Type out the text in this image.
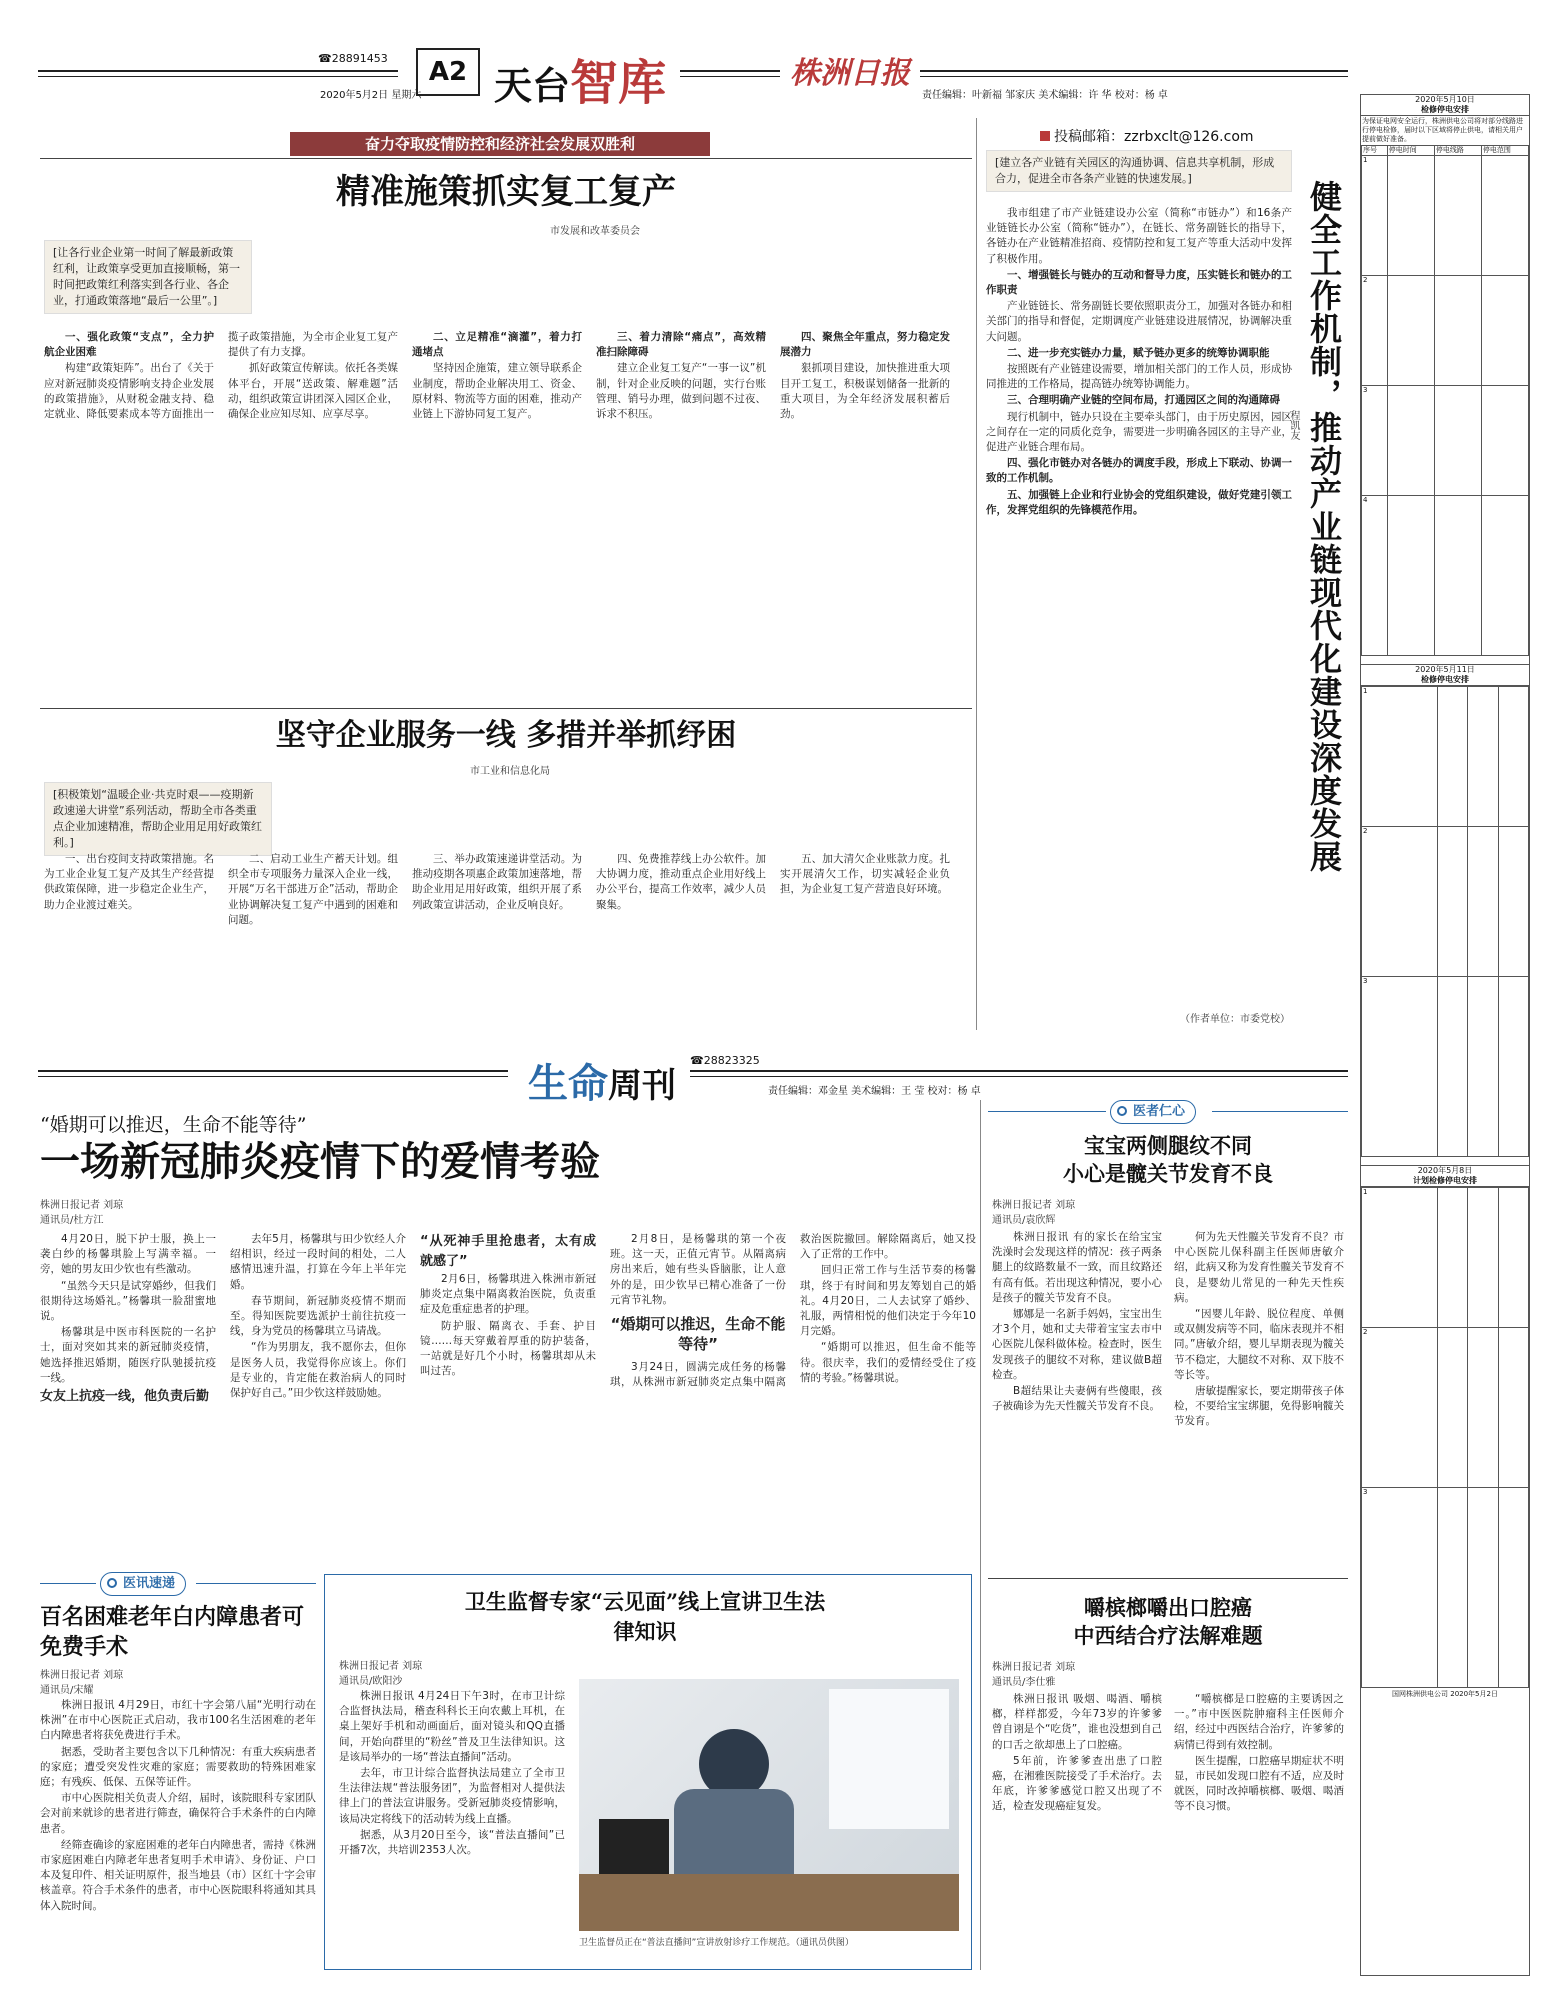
☎28891453
2020年5月2日 星期六
A2 天台智库	株洲日报
责任编辑：叶新福 邹家庆 美术编辑：许 华 校对：杨 卓
奋力夺取疫情防控和经济社会发展双胜利	投稿邮箱：zzrbxclt@126.com
精准施策抓实复工复产
市发展和改革委员会
[让各行业企业第一时间了解最新政策红利，让政策享受更加直接顺畅，第一时间把政策红利落实到各行业、各企业，打通政策落地“最后一公里”。]

一、强化政策“支点”，全力护航企业困难

构建“政策矩阵”。出台了《关于应对新冠肺炎疫情影响支持企业发展的政策措施》，从财税金融支持、稳定就业、降低要素成本等方面推出一揽子政策措施，为全市企业复工复产提供了有力支撑。

抓好政策宣传解读。依托各类媒体平台，开展“送政策、解难题”活动，组织政策宣讲团深入园区企业，确保企业应知尽知、应享尽享。

二、立足精准“滴灌”，着力打通堵点

坚持因企施策，建立领导联系企业制度，帮助企业解决用工、资金、原材料、物流等方面的困难，推动产业链上下游协同复工复产。

三、着力清除“痛点”，高效精准扫除障碍

建立企业复工复产“一事一议”机制，针对企业反映的问题，实行台账管理、销号办理，做到问题不过夜、诉求不积压。

四、聚焦全年重点，努力稳定发展潜力

狠抓项目建设，加快推进重大项目开工复工，积极谋划储备一批新的重大项目，为全年经济发展积蓄后劲。

坚守企业服务一线 多措并举抓纾困
市工业和信息化局
[积极策划“温暖企业·共克时艰——疫期新政速递大讲堂”系列活动，帮助全市各类重点企业加速精准，帮助企业用足用好政策红利。]

一、出台疫间支持政策措施。名为工业企业复工复产及其生产经营提供政策保障，进一步稳定企业生产，助力企业渡过难关。

二、启动工业生产蓄天计划。组织全市专项服务力量深入企业一线，开展“万名干部进万企”活动，帮助企业协调解决复工复产中遇到的困难和问题。

三、举办政策速递讲堂活动。为推动疫期各项惠企政策加速落地，帮助企业用足用好政策，组织开展了系列政策宣讲活动，企业反响良好。

四、免费推荐线上办公软件。加大协调力度，推动重点企业用好线上办公平台，提高工作效率，减少人员聚集。

五、加大清欠企业账款力度。扎实开展清欠工作，切实减轻企业负担，为企业复工复产营造良好环境。

[建立各产业链有关园区的沟通协调、信息共享机制，形成合力，促进全市各条产业链的快速发展。]

我市组建了市产业链建设办公室（简称“市链办”）和16条产业链链长办公室（简称“链办”），在链长、常务副链长的指导下，各链办在产业链精准招商、疫情防控和复工复产等重大活动中发挥了积极作用。

一、增强链长与链办的互动和督导力度，压实链长和链办的工作职责

产业链链长、常务副链长要依照职责分工，加强对各链办和相关部门的指导和督促，定期调度产业链建设进展情况，协调解决重大问题。

二、进一步充实链办力量，赋予链办更多的统筹协调职能

按照既有产业链建设需要，增加相关部门的工作人员，形成协同推进的工作格局，提高链办统筹协调能力。

三、合理明确产业链的空间布局，打通园区之间的沟通障碍

现行机制中，链办只设在主要牵头部门，由于历史原因，园区之间存在一定的同质化竞争，需要进一步明确各园区的主导产业，促进产业链合理布局。

四、强化市链办对各链办的调度手段，形成上下联动、协调一致的工作机制。

五、加强链上企业和行业协会的党组织建设，做好党建引领工作，发挥党组织的先锋模范作用。

（作者单位：市委党校）
健全工作机制，推动产业链现代化建设深度发展
程凯友
2020年5月10日
检修停电安排
为保证电网安全运行，株洲供电公司将对部分线路进行停电检修，届时以下区域将停止供电，请相关用户提前做好准备。
序号	停电时间	停电线路	停电范围
1			
2			
3			
4			
2020年5月11日
检修停电安排
1			
2			
3			
2020年5月8日
计划检修停电安排
1			
2			
3			
国网株洲供电公司 2020年5月2日
生命周刊
☎28823325
责任编辑：邓金星 美术编辑：王 莹 校对：杨 卓
“婚期可以推迟，生命不能等待”
一场新冠肺炎疫情下的爱情考验
株洲日报记者 刘琼
通讯员/杜方江

4月20日，脱下护士服，换上一袭白纱的杨馨琪脸上写满幸福。一旁，她的男友田少钦也有些激动。

“虽然今天只是试穿婚纱，但我们很期待这场婚礼。”杨馨琪一脸甜蜜地说。

杨馨琪是中医市科医院的一名护士，面对突如其来的新冠肺炎疫情，她选择推迟婚期，随医疗队驰援抗疫一线。

女友上抗疫一线，他负责后勤

去年5月，杨馨琪与田少钦经人介绍相识，经过一段时间的相处，二人感情迅速升温，打算在今年上半年完婚。

春节期间，新冠肺炎疫情不期而至。得知医院要选派护士前往抗疫一线，身为党员的杨馨琪立马请战。

“作为男朋友，我不愿你去，但你是医务人员，我觉得你应该上。你们是专业的，肯定能在救治病人的同时保护好自己。”田少钦这样鼓励她。

“从死神手里抢患者，太有成就感了”

2月6日，杨馨琪进入株洲市新冠肺炎定点集中隔离救治医院，负责重症及危重症患者的护理。

防护服、隔离衣、手套、护目镜……每天穿戴着厚重的防护装备，一站就是好几个小时，杨馨琪却从未叫过苦。

2月8日，是杨馨琪的第一个夜班。这一天，正值元宵节。从隔离病房出来后，她有些头昏脑胀，让人意外的是，田少钦早已精心准备了一份元宵节礼物。

“婚期可以推迟，生命不能等待”

3月24日，圆满完成任务的杨馨琪，从株洲市新冠肺炎定点集中隔离救治医院撤回。解除隔离后，她又投入了正常的工作中。

回归正常工作与生活节奏的杨馨琪，终于有时间和男友筹划自己的婚礼。4月20日，二人去试穿了婚纱、礼服，两情相悦的他们决定于今年10月完婚。

“婚期可以推迟，但生命不能等待。很庆幸，我们的爱情经受住了疫情的考验。”杨馨琪说。

医讯速递
百名困难老年白内障患者可免费手术
株洲日报记者 刘琼
通讯员/宋耀

株洲日报讯 4月29日，市红十字会第八届“光明行动在株洲”在市中心医院正式启动，我市100名生活困难的老年白内障患者将获免费进行手术。

据悉，受助者主要包含以下几种情况：有重大疾病患者的家庭；遭受突发性灾难的家庭；需要救助的特殊困难家庭；有残疾、低保、五保等证件。

市中心医院相关负责人介绍，届时，该院眼科专家团队会对前来就诊的患者进行筛查，确保符合手术条件的白内障患者。

经筛查确诊的家庭困难的老年白内障患者，需持《株洲市家庭困难白内障老年患者复明手术申请》、身份证、户口本及复印件、相关证明原件，报当地县（市）区红十字会审核盖章。符合手术条件的患者，市中心医院眼科将通知其具体入院时间。

卫生监督专家“云见面”线上宣讲卫生法律知识
株洲日报记者 刘琼
通讯员/欧阳沙

株洲日报讯 4月24日下午3时，在市卫计综合监督执法局，稽查科科长王向农戴上耳机，在桌上架好手机和动画面后，面对镜头和QQ直播间，开始向群里的“粉丝”普及卫生法律知识。这是该局举办的一场“普法直播间”活动。

去年，市卫计综合监督执法局建立了全市卫生法律法规“普法服务团”，为监督相对人提供法律上门的普法宣讲服务。受新冠肺炎疫情影响，该局决定将线下的活动转为线上直播。

据悉，从3月20日至今，该“普法直播间”已开播7次，共培训2353人次。

卫生监督员正在“普法直播间”宣讲放射诊疗工作规范。（通讯员供图）
医者仁心
宝宝两侧腿纹不同
小心是髋关节发育不良
株洲日报记者 刘琼
通讯员/袁欣辉

株洲日报讯 有的家长在给宝宝洗澡时会发现这样的情况：孩子两条腿上的纹路数量不一致，而且纹路还有高有低。若出现这种情况，要小心是孩子的髋关节发育不良。

娜娜是一名新手妈妈，宝宝出生才3个月，她和丈夫带着宝宝去市中心医院儿保科做体检。检查时，医生发现孩子的腿纹不对称，建议做B超检查。

B超结果让夫妻俩有些傻眼，孩子被确诊为先天性髋关节发育不良。

何为先天性髋关节发育不良？市中心医院儿保科副主任医师唐敏介绍，此病又称为发育性髋关节发育不良，是婴幼儿常见的一种先天性疾病。

“因婴儿年龄、脱位程度、单侧或双侧发病等不同，临床表现并不相同。”唐敏介绍，婴儿早期表现为髋关节不稳定，大腿纹不对称、双下肢不等长等。

唐敏提醒家长，要定期带孩子体检，不要给宝宝绑腿，免得影响髋关节发育。

嚼槟榔嚼出口腔癌
中西结合疗法解难题
株洲日报记者 刘琼
通讯员/李仕雅

株洲日报讯 吸烟、喝酒、嚼槟榔，样样都爱，今年73岁的许爹爹曾自诩是个“吃货”，谁也没想到自己的口舌之欲却患上了口腔癌。

5年前，许爹爹查出患了口腔癌，在湘雅医院接受了手术治疗。去年底，许爹爹感觉口腔又出现了不适，检查发现癌症复发。

“嚼槟榔是口腔癌的主要诱因之一。”市中医医院肿瘤科主任医师介绍，经过中西医结合治疗，许爹爹的病情已得到有效控制。

医生提醒，口腔癌早期症状不明显，市民如发现口腔有不适，应及时就医，同时改掉嚼槟榔、吸烟、喝酒等不良习惯。
